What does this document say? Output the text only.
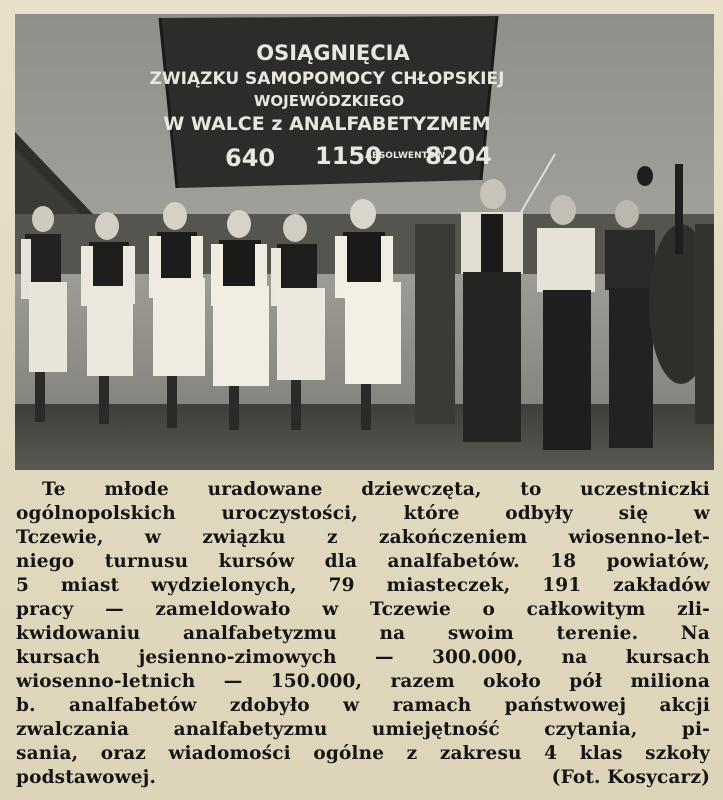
OSIĄGNIĘCIA
ZWIĄZKU SAMOPOMOCY CHŁOPSKIEJ
WOJEWÓDZKIEGO
W WALCE z ANALFABETYZMEM
640 1150
ABSOLWENTÓW
8204
Te młode uradowane dziewczęta, to uczestniczki
ogólnopolskich uroczystości, które odbyły się w
Tczewie, w związku z zakończeniem wiosenno-let-
niego turnusu kursów dla analfabetów. 18 powiatów,
5 miast wydzielonych, 79 miasteczek, 191 zakładów
pracy — zameldowało w Tczewie o całkowitym zli-
kwidowaniu analfabetyzmu na swoim terenie. Na
kursach jesienno-zimowych — 300.000, na kursach
wiosenno-letnich — 150.000, razem około pół miliona
b. analfabetów zdobyło w ramach państwowej akcji
zwalczania analfabetyzmu umiejętność czytania, pi-
sania, oraz wiadomości ogólne z zakresu 4 klas szkoły
podstawowej.	(Fot. Kosycarz)
